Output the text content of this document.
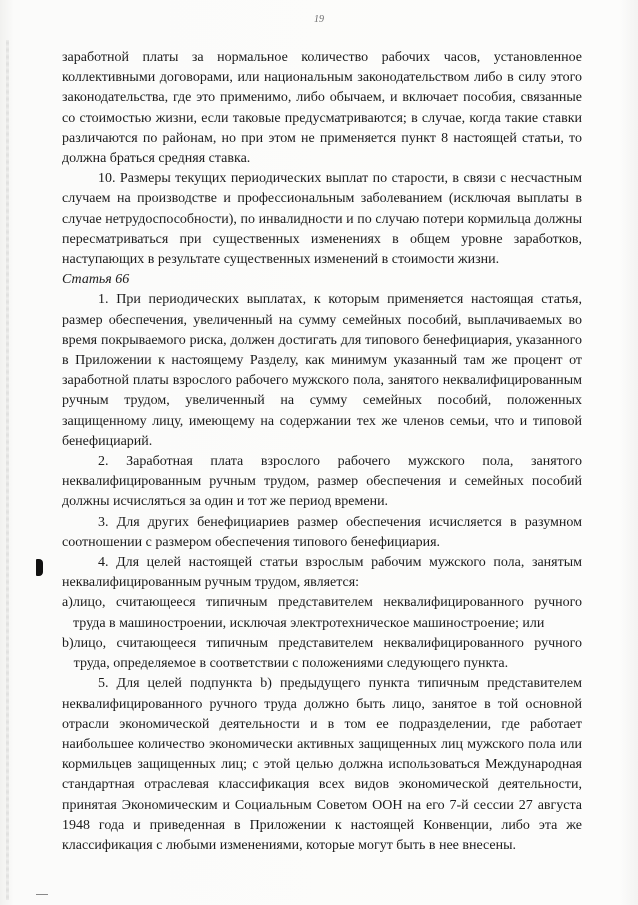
19

заработной платы за нормальное количество рабочих часов, установленное коллективными договорами, или национальным законодательством либо в силу этого законодательства, где это применимо, либо обычаем, и включает пособия, связанные со стоимостью жизни, если таковые предусматриваются; в случае, когда такие ставки различаются по районам, но при этом не применяется пункт 8 настоящей статьи, то должна браться средняя ставка.

10. Размеры текущих периодических выплат по старости, в связи с несчастным случаем на производстве и профессиональным заболеванием (исключая выплаты в случае нетрудоспособности), по инвалидности и по случаю потери кормильца должны пересматриваться при существенных изменениях в общем уровне заработков, наступающих в результате существенных изменений в стоимости жизни.

Статья 66

1. При периодических выплатах, к которым применяется настоящая статья, размер обеспечения, увеличенный на сумму семейных пособий, выплачиваемых во время покрываемого риска, должен достигать для типового бенефициария, указанного в Приложении к настоящему Разделу, как минимум указанный там же процент от заработной платы взрослого рабочего мужского пола, занятого неквалифицированным ручным трудом, увеличенный на сумму семейных пособий, положенных защищенному лицу, имеющему на содержании тех же членов семьи, что и типовой бенефициарий.

2. Заработная плата взрослого рабочего мужского пола, занятого неквалифицированным ручным трудом, размер обеспечения и семейных пособий должны исчисляться за один и тот же период времени.

3. Для других бенефициариев размер обеспечения исчисляется в разумном соотношении с размером обеспечения типового бенефициария.

4. Для целей настоящей статьи взрослым рабочим мужского пола, занятым неквалифицированным ручным трудом, является:

a) лицо, считающееся типичным представителем неквалифицированного ручного труда в машиностроении, исключая электротехническое машиностроение; или
b) лицо, считающееся типичным представителем неквалифицированного ручного труда, определяемое в соответствии с положениями следующего пункта.

5. Для целей подпункта b) предыдущего пункта типичным представителем неквалифицированного ручного труда должно быть лицо, занятое в той основной отрасли экономической деятельности и в том ее подразделении, где работает наибольшее количество экономически активных защищенных лиц мужского пола или кормильцев защищенных лиц; с этой целью должна использоваться Международная стандартная отраслевая классификация всех видов экономической деятельности, принятая Экономическим и Социальным Советом ООН на его 7-й сессии 27 августа 1948 года и приведенная в Приложении к настоящей Конвенции, либо эта же классификация с любыми изменениями, которые могут быть в нее внесены.
